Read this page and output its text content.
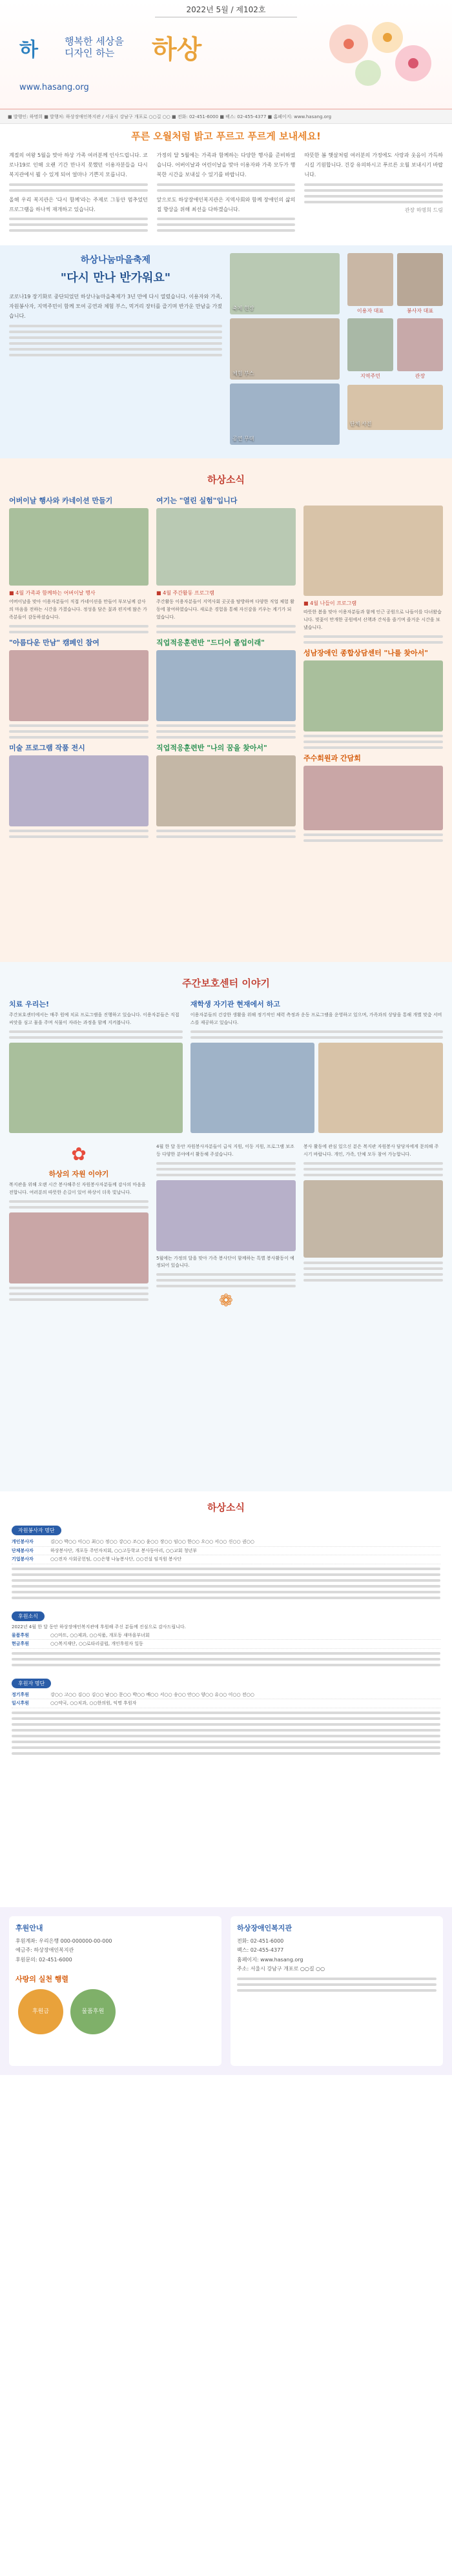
2022년 5월 / 제102호
하	행복한 세상을
디자인 하는	하상
www.hasang.org
■ 발행인: 하명희 ■ 발행처: 하상장애인복지관 / 서울시 강남구 개포로 ○○길 ○○ ■ 전화: 02-451-6000 ■ 팩스: 02-455-4377 ■ 홈페이지: www.hasang.org
푸른 오월처럼 밝고 푸르고 푸르게 보내세요!

계절의 여왕 5월을 맞아 하상 가족 여러분께 인사드립니다. 코로나19로 인해 오랜 기간 만나지 못했던 이용자분들을 다시 복지관에서 뵐 수 있게 되어 얼마나 기쁜지 모릅니다.

올해 우리 복지관은 '다시 함께'라는 주제로 그동안 멈추었던 프로그램을 하나씩 재개하고 있습니다.

가정의 달 5월에는 가족과 함께하는 다양한 행사를 준비하였습니다. 어버이날과 어린이날을 맞아 이용자와 가족 모두가 행복한 시간을 보내실 수 있기를 바랍니다.

앞으로도 하상장애인복지관은 지역사회와 함께 장애인의 삶의 질 향상을 위해 최선을 다하겠습니다.

따뜻한 봄 햇살처럼 여러분의 가정에도 사랑과 웃음이 가득하시길 기원합니다. 건강 유의하시고 푸르른 오월 보내시기 바랍니다.

관장 하명희 드림
하상나눔마을축제
"다시 만나 반가워요"

코로나19 장기화로 중단되었던 하상나눔마을축제가 3년 만에 다시 열렸습니다. 이용자와 가족, 자원봉사자, 지역주민이 함께 모여 공연과 체험 부스, 먹거리 장터를 즐기며 반가운 만남을 가졌습니다.

축제 현장
체험 부스
공연 무대
이용자 대표	봉사자 대표
지역주민	관장
단체 사진
하상소식
어버이날 행사와 카네이션 만들기
■ 4월 가족과 함께하는 어버이날 행사

어버이날을 맞아 이용자분들이 직접 카네이션을 만들어 부모님께 감사의 마음을 전하는 시간을 가졌습니다. 정성을 담은 꽃과 편지에 많은 가족분들이 감동하셨습니다.

"아름다운 만남" 캠페인 참여
미술 프로그램 작품 전시
여기는 "열린 실험"입니다
■ 4월 주간활동 프로그램

주간활동 이용자분들이 지역사회 곳곳을 탐방하며 다양한 직업 체험 활동에 참여하였습니다. 새로운 경험을 통해 자신감을 키우는 계기가 되었습니다.

직업적응훈련반 "드디어 졸업이래"
직업적응훈련반 "나의 꿈을 찾아서"
■ 4월 나들이 프로그램

따뜻한 봄을 맞아 이용자분들과 함께 인근 공원으로 나들이를 다녀왔습니다. 벚꽃이 만개한 공원에서 산책과 간식을 즐기며 즐거운 시간을 보냈습니다.

성남장애인 종합상담센터 "나를 찾아서"
주수회원과 간담회
주간보호센터 이야기
치료 우리는!

주간보호센터에서는 매주 원예 치료 프로그램을 진행하고 있습니다. 이용자분들은 직접 씨앗을 심고 물을 주며 식물이 자라는 과정을 함께 지켜봅니다.

재학생 자기관 현재에서 하고

이용자분들의 건강한 생활을 위해 정기적인 체력 측정과 운동 프로그램을 운영하고 있으며, 가족과의 상담을 통해 개별 맞춤 서비스를 제공하고 있습니다.

✿
하상의 자원 이야기

복지관을 위해 오랜 시간 봉사해주신 자원봉사자분들께 감사의 마음을 전합니다. 여러분의 따뜻한 손길이 있어 하상이 더욱 빛납니다.

4월 한 달 동안 자원봉사자분들이 급식 지원, 이동 지원, 프로그램 보조 등 다양한 분야에서 활동해 주셨습니다.

5월에는 가정의 달을 맞아 가족 봉사단이 함께하는 특별 봉사활동이 예정되어 있습니다.

❁

봉사 활동에 관심 있으신 분은 복지관 자원봉사 담당자에게 문의해 주시기 바랍니다. 개인, 가족, 단체 모두 참여 가능합니다.

하상소식
자원봉사자 명단
개인봉사자	김○○ 박○○ 이○○ 최○○ 정○○ 강○○ 조○○ 윤○○ 장○○ 임○○ 한○○ 오○○ 서○○ 신○○ 권○○
단체봉사자	하상봉사단, 개포동 주민자치회, ○○고등학교 봉사동아리, ○○교회 청년부
기업봉사자	○○전자 사회공헌팀, ○○은행 나눔봉사단, ○○건설 임직원 봉사단
후원소식

2022년 4월 한 달 동안 하상장애인복지관에 후원해 주신 분들께 진심으로 감사드립니다.

물품후원	○○마트, ○○제과, ○○식품, 개포동 새마을부녀회
현금후원	○○복지재단, ○○로타리클럽, 개인후원자 일동
후원자 명단
정기후원	강○○ 고○○ 김○○ 김○○ 남○○ 문○○ 박○○ 배○○ 서○○ 송○○ 안○○ 양○○ 유○○ 이○○ 전○○
일시후원	○○약국, ○○치과, ○○한의원, 익명 후원자
후원안내
후원계좌: 우리은행 000-000000-00-000
예금주: 하상장애인복지관
후원문의: 02-451-6000
사랑의 실천 행렬
후원금	물품후원
하상장애인복지관
전화: 02-451-6000
팩스: 02-455-4377
홈페이지: www.hasang.org
주소: 서울시 강남구 개포로 ○○길 ○○
